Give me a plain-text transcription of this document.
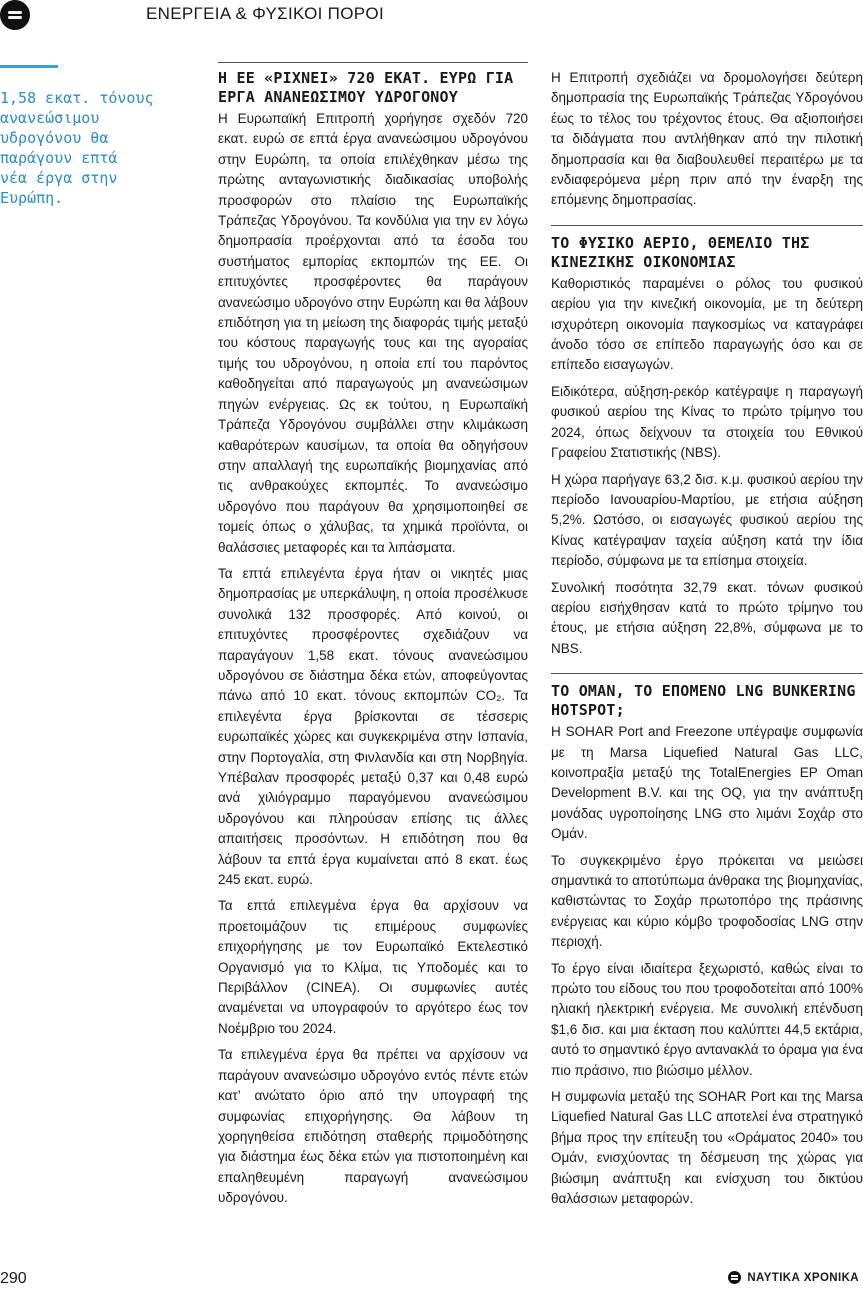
ΕΝΕΡΓΕΙΑ & ΦΥΣΙΚΟΙ ΠΟΡΟΙ
1,58 εκατ. τόνους
ανανεώσιμου
υδρογόνου θα
παράγουν επτά
νέα έργα στην
Ευρώπη.
Η ΕΕ «ΡΙΧΝΕΙ» 720 ΕΚΑΤ. ΕΥΡΩ ΓΙΑ ΕΡΓΑ ΑΝΑΝΕΩΣΙΜΟΥ ΥΔΡΟΓΟΝΟΥ

Η Ευρωπαϊκή Επιτροπή χορήγησε σχεδόν 720 εκατ. ευρώ σε επτά έργα ανανεώσιμου υδρογόνου στην Ευρώπη, τα οποία επιλέχθηκαν μέσω της πρώτης ανταγωνιστικής διαδικασίας υποβολής προσφορών στο πλαίσιο της Ευρωπαϊκής Τράπεζας Υδρογόνου. Τα κονδύλια για την εν λόγω δημοπρασία προέρχονται από τα έσοδα του συστήματος εμπορίας εκπομπών της ΕΕ. Οι επιτυχόντες προσφέροντες θα παράγουν ανανεώσιμο υδρογόνο στην Ευρώπη και θα λάβουν επιδότηση για τη μείωση της διαφοράς τιμής μεταξύ του κόστους παραγωγής τους και της αγοραίας τιμής του υδρογόνου, η οποία επί του παρόντος καθοδηγείται από παραγωγούς μη ανανεώσιμων πηγών ενέργειας. Ως εκ τούτου, η Ευρωπαϊκή Τράπεζα Υδρογόνου συμβάλλει στην κλιμάκωση καθαρότερων καυσίμων, τα οποία θα οδηγήσουν στην απαλλαγή της ευρωπαϊκής βιομηχανίας από τις ανθρακούχες εκπομπές. Το ανανεώσιμο υδρογόνο που παράγουν θα χρησιμοποιηθεί σε τομείς όπως ο χάλυβας, τα χημικά προϊόντα, οι θαλάσσιες μεταφορές και τα λιπάσματα.

Τα επτά επιλεγέντα έργα ήταν οι νικητές μιας δημοπρασίας με υπερκάλυψη, η οποία προσέλκυσε συνολικά 132 προσφορές. Από κοινού, οι επιτυχόντες προσφέροντες σχεδιάζουν να παραγάγουν 1,58 εκατ. τόνους ανανεώσιμου υδρογόνου σε διάστημα δέκα ετών, αποφεύγοντας πάνω από 10 εκατ. τόνους εκπομπών CO₂. Τα επιλεγέντα έργα βρίσκονται σε τέσσερις ευρωπαϊκές χώρες και συγκεκριμένα στην Ισπανία, στην Πορτογαλία, στη Φινλανδία και στη Νορβηγία. Υπέβαλαν προσφορές μεταξύ 0,37 και 0,48 ευρώ ανά χιλιόγραμμο παραγόμενου ανανεώσιμου υδρογόνου και πληρούσαν επίσης τις άλλες απαιτήσεις προσόντων. Η επιδότηση που θα λάβουν τα επτά έργα κυμαίνεται από 8 εκατ. έως 245 εκατ. ευρώ.

Τα επτά επιλεγμένα έργα θα αρχίσουν να προετοιμάζουν τις επιμέρους συμφωνίες επιχορήγησης με τον Ευρωπαϊκό Εκτελεστικό Οργανισμό για το Κλίμα, τις Υποδομές και το Περιβάλλον (CINEA). Οι συμφωνίες αυτές αναμένεται να υπογραφούν το αργότερο έως τον Νοέμβριο του 2024.

Τα επιλεγμένα έργα θα πρέπει να αρχίσουν να παράγουν ανανεώσιμο υδρογόνο εντός πέντε ετών κατ’ ανώτατο όριο από την υπογραφή της συμφωνίας επιχορήγησης. Θα λάβουν τη χορηγηθείσα επιδότηση σταθερής πριμοδότησης για διάστημα έως δέκα ετών για πιστοποιημένη και επαληθευμένη παραγωγή ανανεώσιμου υδρογόνου.

Η Επιτροπή σχεδιάζει να δρομολογήσει δεύτερη δημοπρασία της Ευρωπαϊκής Τράπεζας Υδρογόνου έως το τέλος του τρέχοντος έτους. Θα αξιοποιήσει τα διδάγματα που αντλήθηκαν από την πιλοτική δημοπρασία και θα διαβουλευθεί περαιτέρω με τα ενδιαφερόμενα μέρη πριν από την έναρξη της επόμενης δημοπρασίας.

ΤΟ ΦΥΣΙΚΟ ΑΕΡΙΟ, ΘΕΜΕΛΙΟ ΤΗΣ ΚΙΝΕΖΙΚΗΣ ΟΙΚΟΝΟΜΙΑΣ

Καθοριστικός παραμένει ο ρόλος του φυσικού αερίου για την κινεζική οικονομία, με τη δεύτερη ισχυρότερη οικονομία παγκοσμίως να καταγράφει άνοδο τόσο σε επίπεδο παραγωγής όσο και σε επίπεδο εισαγωγών.

Ειδικότερα, αύξηση-ρεκόρ κατέγραψε η παραγωγή φυσικού αερίου της Κίνας το πρώτο τρίμηνο του 2024, όπως δείχνουν τα στοιχεία του Εθνικού Γραφείου Στατιστικής (NBS).

Η χώρα παρήγαγε 63,2 δισ. κ.μ. φυσικού αερίου την περίοδο Ιανουαρίου-Μαρτίου, με ετήσια αύξηση 5,2%. Ωστόσο, οι εισαγωγές φυσικού αερίου της Κίνας κατέγραψαν ταχεία αύξηση κατά την ίδια περίοδο, σύμφωνα με τα επίσημα στοιχεία.

Συνολική ποσότητα 32,79 εκατ. τόνων φυσικού αερίου εισήχθησαν κατά το πρώτο τρίμηνο του έτους, με ετήσια αύξηση 22,8%, σύμφωνα με το NBS.

ΤΟ ΟΜΑΝ, ΤΟ ΕΠΟΜΕΝΟ LNG BUNKERING HOTSPOT;

Η SOHAR Port and Freezone υπέγραψε συμφωνία με τη Marsa Liquefied Natural Gas LLC, κοινοπραξία μεταξύ της TotalEnergies EP Oman Development B.V. και της OQ, για την ανάπτυξη μονάδας υγροποίησης LNG στο λιμάνι Σοχάρ στο Ομάν.

Το συγκεκριμένο έργο πρόκειται να μειώσει σημαντικά το αποτύπωμα άνθρακα της βιομηχανίας, καθιστώντας το Σοχάρ πρωτοπόρο της πράσινης ενέργειας και κύριο κόμβο τροφοδοσίας LNG στην περιοχή.

Το έργο είναι ιδιαίτερα ξεχωριστό, καθώς είναι το πρώτο του είδους του που τροφοδοτείται από 100% ηλιακή ηλεκτρική ενέργεια. Με συνολική επένδυση $1,6 δισ. και μια έκταση που καλύπτει 44,5 εκτάρια, αυτό το σημαντικό έργο αντανακλά το όραμα για ένα πιο πράσινο, πιο βιώσιμο μέλλον.

Η συμφωνία μεταξύ της SOHAR Port και της Marsa Liquefied Natural Gas LLC αποτελεί ένα στρατηγικό βήμα προς την επίτευξη του «Οράματος 2040» του Ομάν, ενισχύοντας τη δέσμευση της χώρας για βιώσιμη ανάπτυξη και ενίσχυση του δικτύου θαλάσσιων μεταφορών.

290	ΝΑΥΤΙΚΑ ΧΡΟΝΙΚΑ
